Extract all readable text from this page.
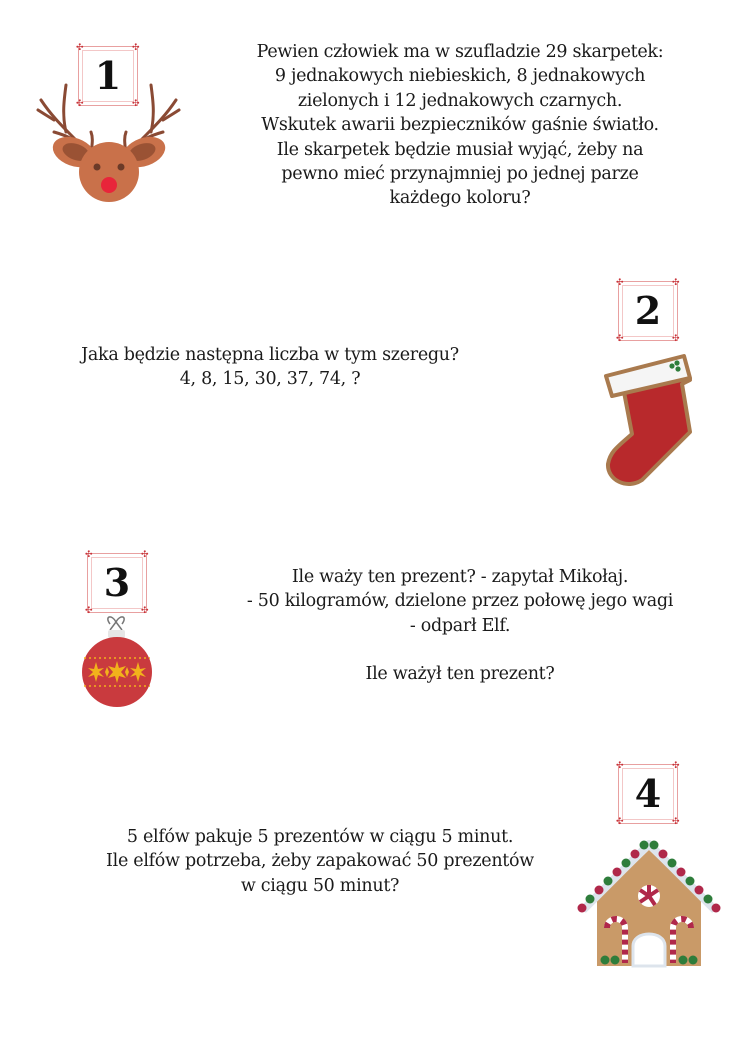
✣	✣
✣	✣
1

Pewien człowiek ma w szufladzie 29 skarpetek:

9 jednakowych niebieskich, 8 jednakowych

zielonych i 12 jednakowych czarnych.

Wskutek awarii bezpieczników gaśnie światło.

Ile skarpetek będzie musiał wyjąć, żeby na

pewno mieć przynajmniej po jednej parze

każdego koloru?

Jaka będzie następna liczba w tym szeregu?

4, 8, 15, 30, 37, 74, ?

✣	✣
✣	✣
2
✣	✣
✣	✣
3	Ile waży ten prezent? - zapytał Mikołaj.

- 50 kilogramów, dzielone przez połowę jego wagi

- odparł Elf.

Ile ważył ten prezent?

5 elfów pakuje 5 prezentów w ciągu 5 minut.

Ile elfów potrzeba, żeby zapakować 50 prezentów

w ciągu 50 minut?

✣	✣
✣	✣
4
